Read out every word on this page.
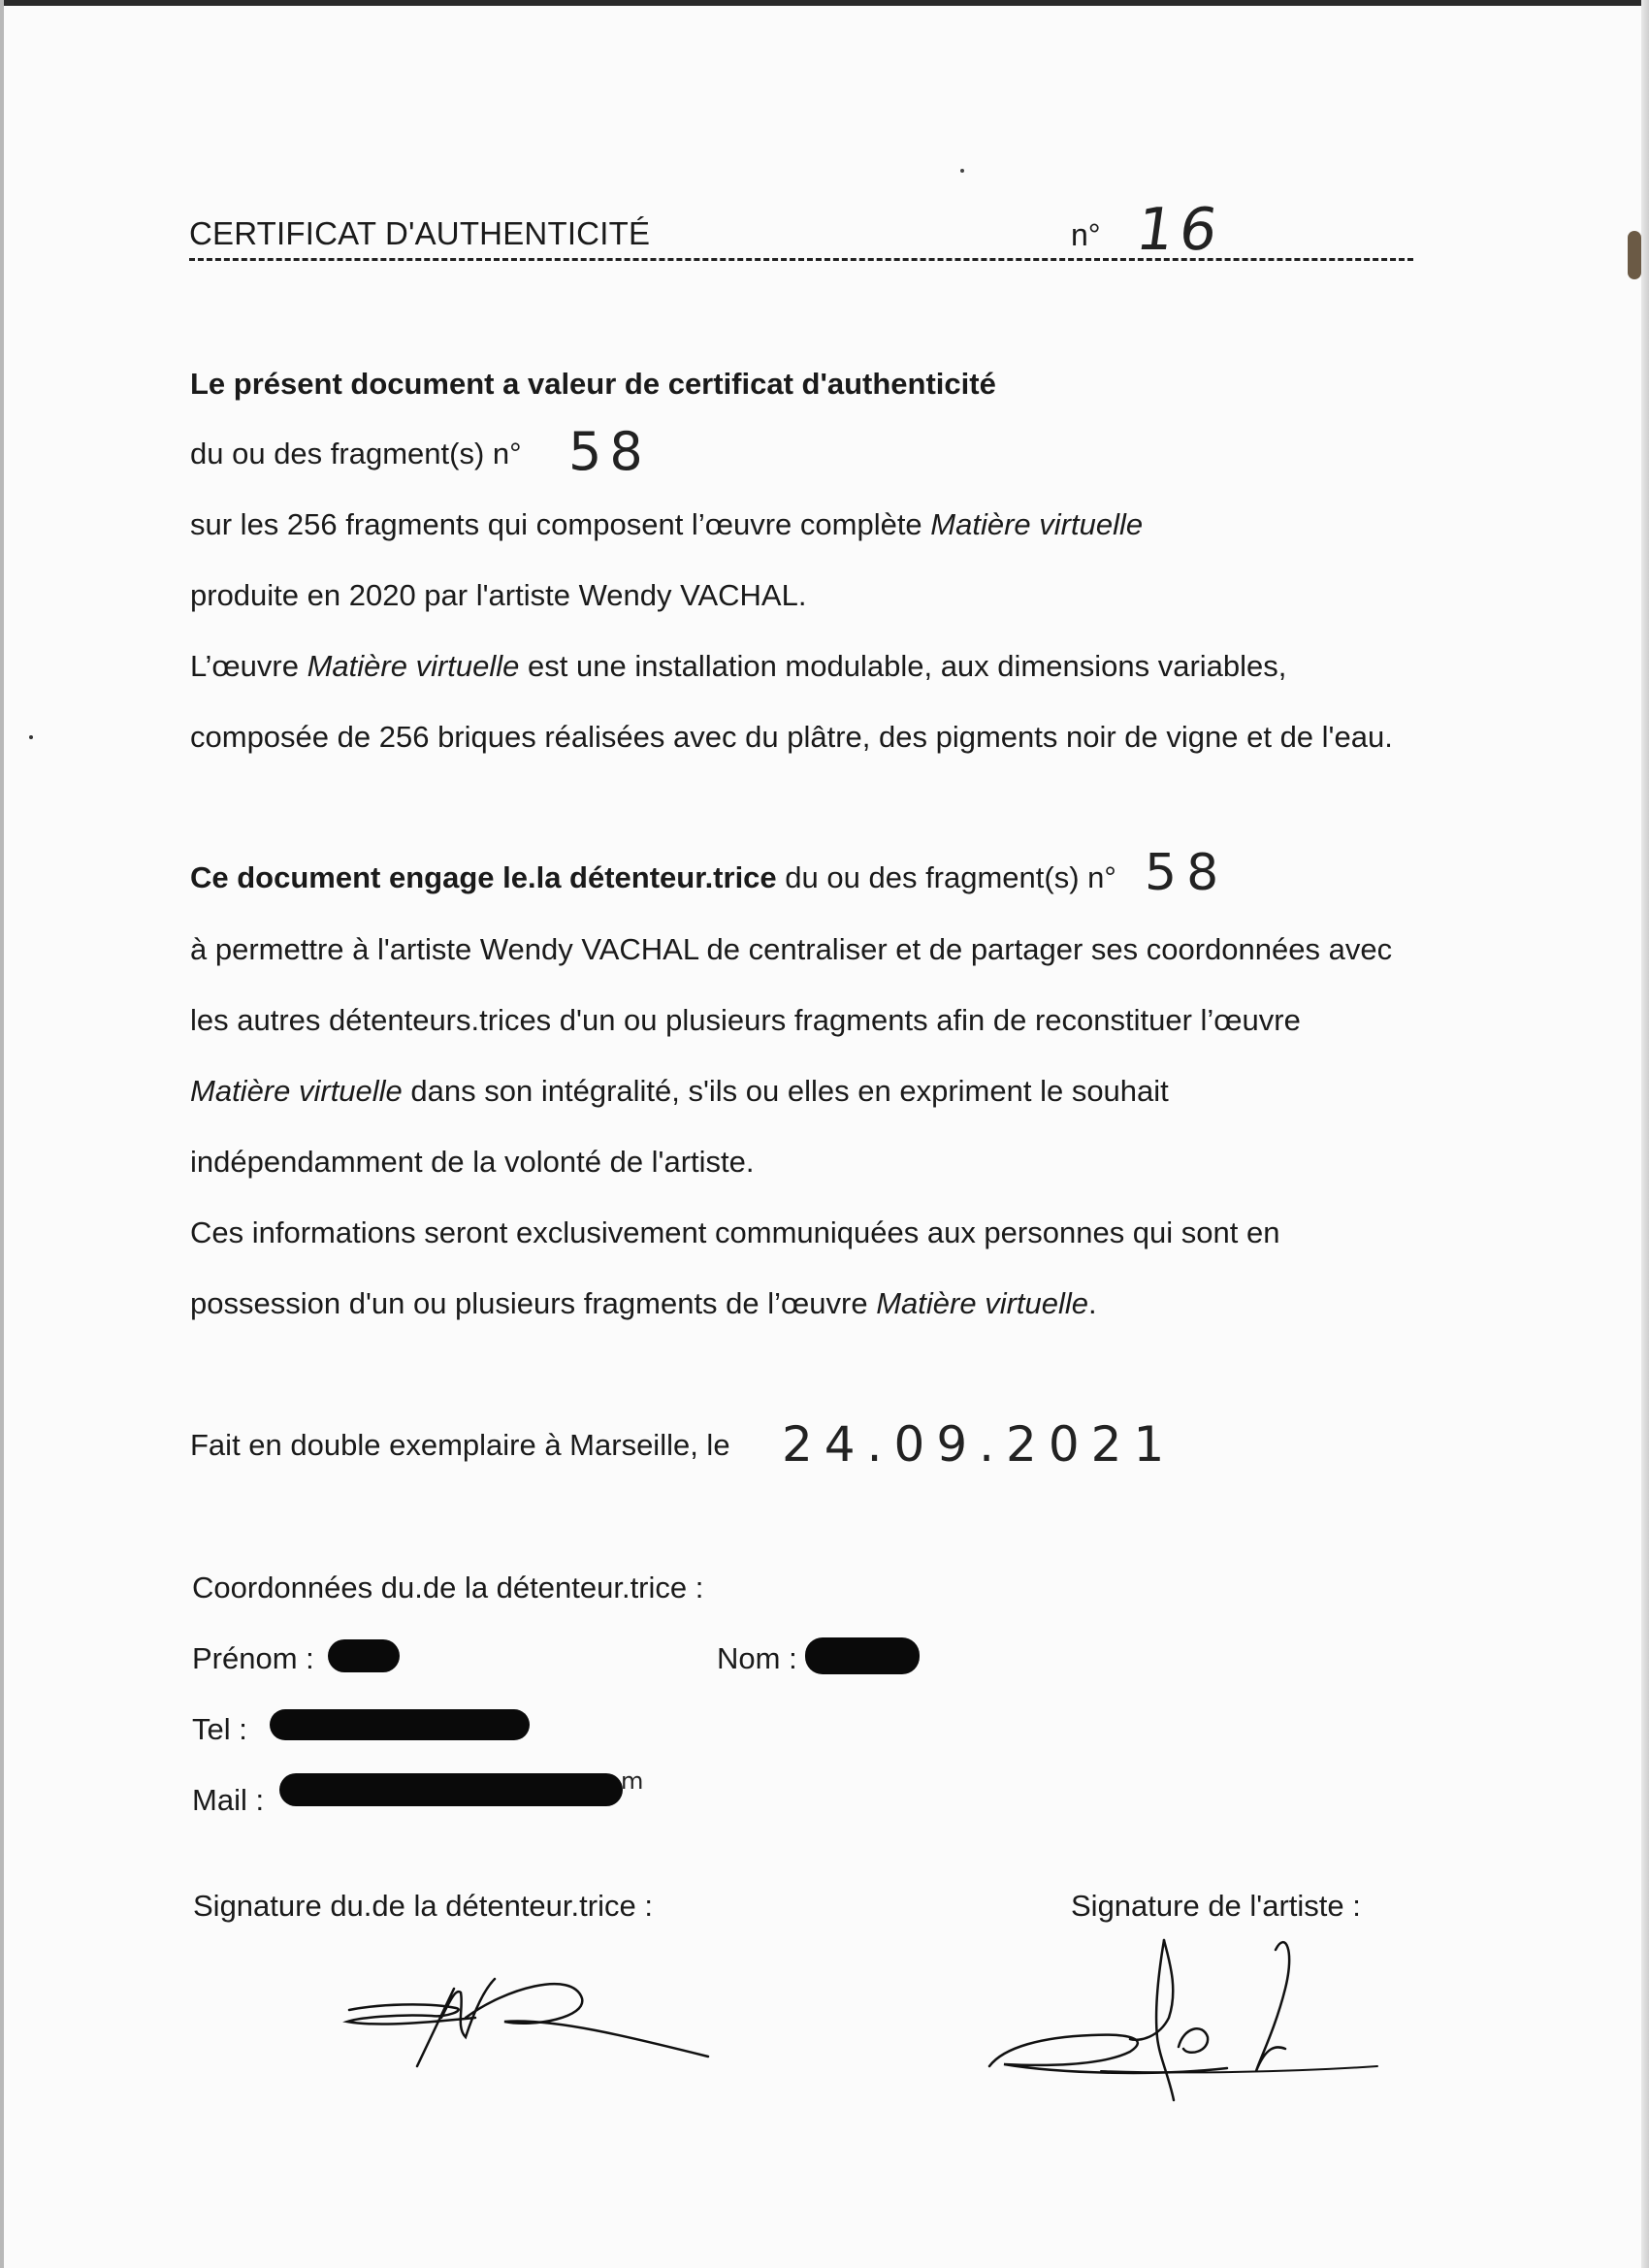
CERTIFICAT D'AUTHENTICITÉ	n° 16
Le présent document a valeur de certificat d'authenticité
du ou des fragment(s) n° 58
sur les 256 fragments qui composent l’œuvre complète Matière virtuelle
produite en 2020 par l'artiste Wendy VACHAL.
L’œuvre Matière virtuelle est une installation modulable, aux dimensions variables,
composée de 256 briques réalisées avec du plâtre, des pigments noir de vigne et de l'eau.
Ce document engage le.la détenteur.trice du ou des fragment(s) n° 58
à permettre à l'artiste Wendy VACHAL de centraliser et de partager ses coordonnées avec
les autres détenteurs.trices d'un ou plusieurs fragments afin de reconstituer l’œuvre
Matière virtuelle dans son intégralité, s'ils ou elles en expriment le souhait
indépendamment de la volonté de l'artiste.
Ces informations seront exclusivement communiquées aux personnes qui sont en
possession d'un ou plusieurs fragments de l’œuvre Matière virtuelle.
Fait en double exemplaire à Marseille, le 24.09.2021
Coordonnées du.de la détenteur.trice :
Prénom :	Nom :
Tel :
Mail :
m
Signature du.de la détenteur.trice :	Signature de l'artiste :
